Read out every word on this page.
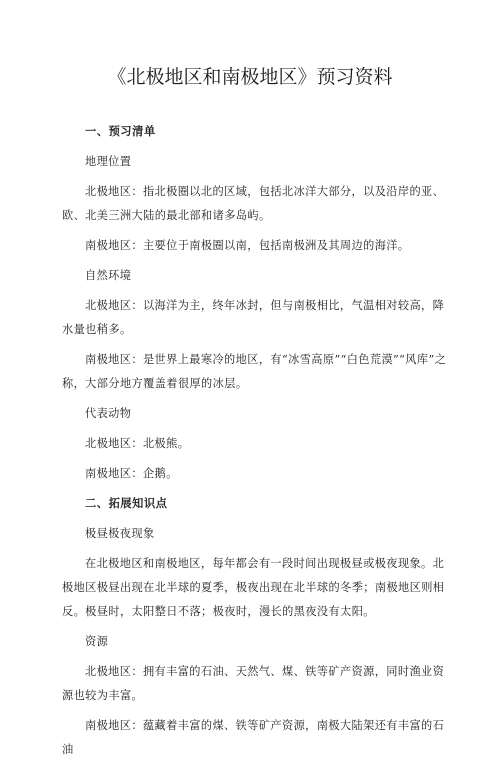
《北极地区和南极地区》预习资料

一、预习清单

地理位置

北极地区：指北极圈以北的区域，包括北冰洋大部分，以及沿岸的亚、欧、北美三洲大陆的最北部和诸多岛屿。

南极地区：主要位于南极圈以南，包括南极洲及其周边的海洋。

自然环境

北极地区：以海洋为主，终年冰封，但与南极相比，气温相对较高，降水量也稍多。

南极地区：是世界上最寒冷的地区，有“冰雪高原”“白色荒漠”“风库”之称，大部分地方覆盖着很厚的冰层。

代表动物

北极地区：北极熊。

南极地区：企鹅。

二、拓展知识点

极昼极夜现象

在北极地区和南极地区，每年都会有一段时间出现极昼或极夜现象。北极地区极昼出现在北半球的夏季，极夜出现在北半球的冬季；南极地区则相反。极昼时，太阳整日不落；极夜时，漫长的黑夜没有太阳。

资源

北极地区：拥有丰富的石油、天然气、煤、铁等矿产资源，同时渔业资源也较为丰富。

南极地区：蕴藏着丰富的煤、铁等矿产资源，南极大陆架还有丰富的石油
